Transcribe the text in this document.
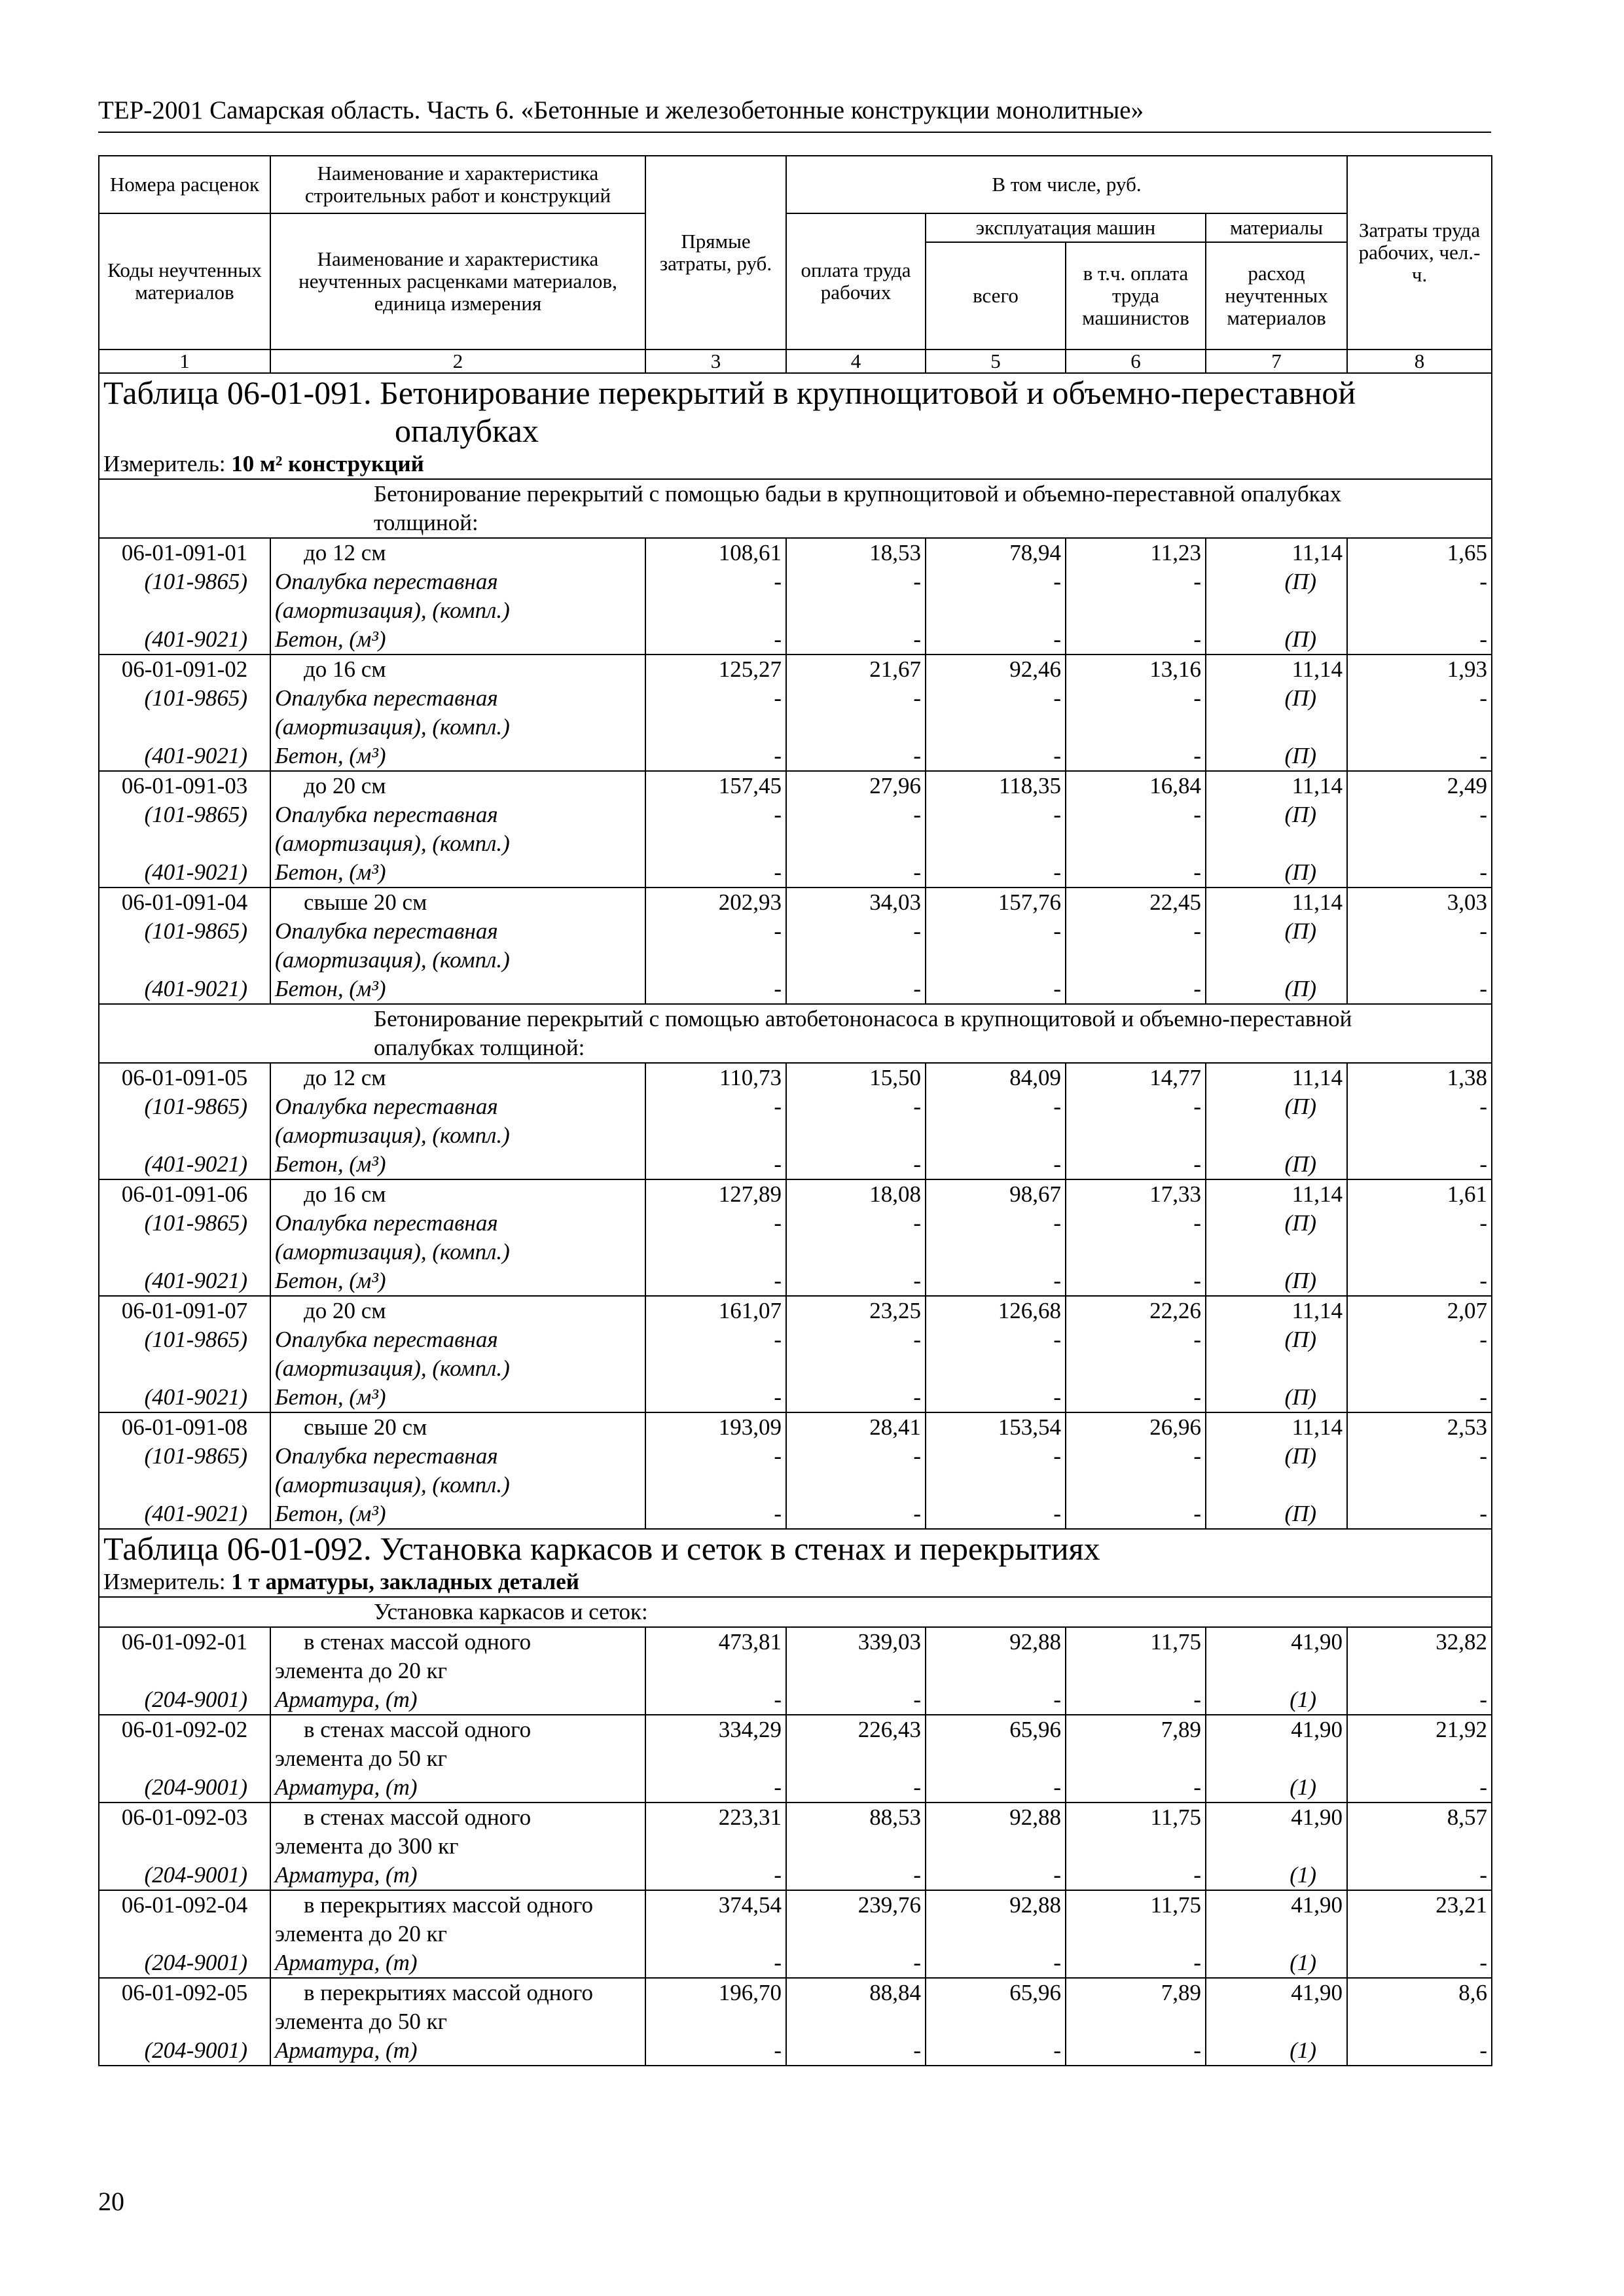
ТЕР-2001 Самарская область. Часть 6. «Бетонные и железобетонные конструкции монолитные»
Номера расценок	Наименование и характеристика строительных работ и конструкций	Прямые затраты, руб.	В том числе, руб.				Затраты труда рабочих, чел.-ч.
Коды неучтенных материалов	Наименование и характеристика неучтенных расценками материалов, единица измерения		оплата труда рабочих	эксплуатация машин		материалы	
				всего	в т.ч. оплата труда машинистов	расход неучтенных материалов	
1	2	3	4	5	6	7	8
Таблица 06-01-091. Бетонирование перекрытий в крупнощитовой и объемно-переставной
опалубках							

Измеритель: 10 м² конструкций							
Бетонирование перекрытий с помощью бадьи в крупнощитовой и объемно-переставной опалубках
толщиной:							

06-01-091-01	до 12 см	108,61	18,53	78,94	11,23	11,14	1,65
(101-9865)	Опалубка переставная	-	-	-	-	(П)	-
	(амортизация), (компл.)						
(401-9021)	Бетон, (м³)	-	-	-	-	(П)	-

06-01-091-02	до 16 см	125,27	21,67	92,46	13,16	11,14	1,93
(101-9865)	Опалубка переставная	-	-	-	-	(П)	-
	(амортизация), (компл.)						
(401-9021)	Бетон, (м³)	-	-	-	-	(П)	-

06-01-091-03	до 20 см	157,45	27,96	118,35	16,84	11,14	2,49
(101-9865)	Опалубка переставная	-	-	-	-	(П)	-
	(амортизация), (компл.)						
(401-9021)	Бетон, (м³)	-	-	-	-	(П)	-

06-01-091-04	свыше 20 см	202,93	34,03	157,76	22,45	11,14	3,03
(101-9865)	Опалубка переставная	-	-	-	-	(П)	-
	(амортизация), (компл.)						
(401-9021)	Бетон, (м³)	-	-	-	-	(П)	-
Бетонирование перекрытий с помощью автобетононасоса в крупнощитовой и объемно-переставной
опалубках толщиной:							

06-01-091-05	до 12 см	110,73	15,50	84,09	14,77	11,14	1,38
(101-9865)	Опалубка переставная	-	-	-	-	(П)	-
	(амортизация), (компл.)						
(401-9021)	Бетон, (м³)	-	-	-	-	(П)	-

06-01-091-06	до 16 см	127,89	18,08	98,67	17,33	11,14	1,61
(101-9865)	Опалубка переставная	-	-	-	-	(П)	-
	(амортизация), (компл.)						
(401-9021)	Бетон, (м³)	-	-	-	-	(П)	-

06-01-091-07	до 20 см	161,07	23,25	126,68	22,26	11,14	2,07
(101-9865)	Опалубка переставная	-	-	-	-	(П)	-
	(амортизация), (компл.)						
(401-9021)	Бетон, (м³)	-	-	-	-	(П)	-

06-01-091-08	свыше 20 см	193,09	28,41	153,54	26,96	11,14	2,53
(101-9865)	Опалубка переставная	-	-	-	-	(П)	-
	(амортизация), (компл.)						
(401-9021)	Бетон, (м³)	-	-	-	-	(П)	-
Таблица 06-01-092. Установка каркасов и сеток в стенах и перекрытиях							
Измеритель: 1 т арматуры, закладных деталей							
Установка каркасов и сеток:							

06-01-092-01	в стенах массой одного	473,81	339,03	92,88	11,75	41,90	32,82
	элемента до 20 кг						
(204-9001)	Арматура, (т)	-	-	-	-	(1)	-

06-01-092-02	в стенах массой одного	334,29	226,43	65,96	7,89	41,90	21,92
	элемента до 50 кг						
(204-9001)	Арматура, (т)	-	-	-	-	(1)	-

06-01-092-03	в стенах массой одного	223,31	88,53	92,88	11,75	41,90	8,57
	элемента до 300 кг						
(204-9001)	Арматура, (т)	-	-	-	-	(1)	-

06-01-092-04	в перекрытиях массой одного	374,54	239,76	92,88	11,75	41,90	23,21
	элемента до 20 кг						
(204-9001)	Арматура, (т)	-	-	-	-	(1)	-

06-01-092-05	в перекрытиях массой одного	196,70	88,84	65,96	7,89	41,90	8,6
	элемента до 50 кг						
(204-9001)	Арматура, (т)	-	-	-	-	(1)	-
20
